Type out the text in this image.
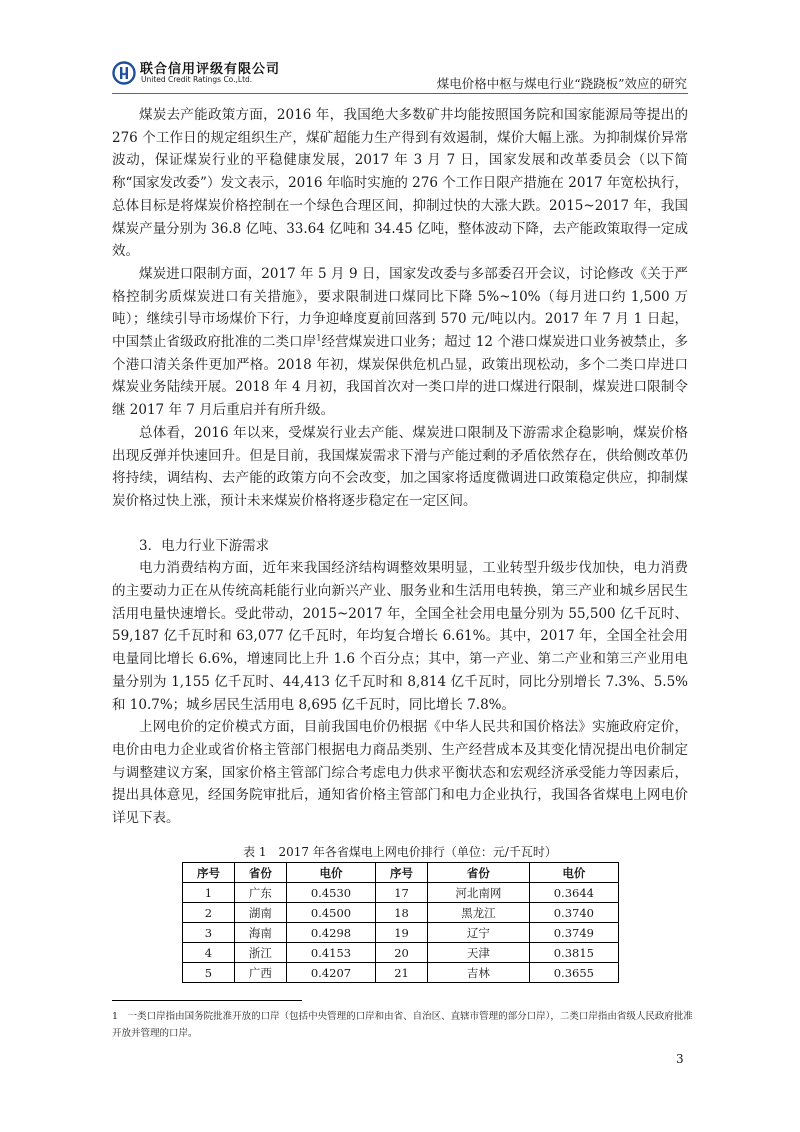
联合信用评级有限公司
United Credit Ratings Co.,Ltd.	煤电价格中枢与煤电行业“跷跷板”效应的研究

煤炭去产能政策方面，2016 年，我国绝大多数矿井均能按照国务院和国家能源局等提出的 276 个工作日的规定组织生产，煤矿超能力生产得到有效遏制，煤价大幅上涨。为抑制煤价异常波动，保证煤炭行业的平稳健康发展，2017 年 3 月 7 日，国家发展和改革委员会（以下简称“国家发改委”）发文表示，2016 年临时实施的 276 个工作日限产措施在 2017 年宽松执行，总体目标是将煤炭价格控制在一个绿色合理区间，抑制过快的大涨大跌。2015~2017 年，我国煤炭产量分别为 36.8 亿吨、33.64 亿吨和 34.45 亿吨，整体波动下降，去产能政策取得一定成效。

煤炭进口限制方面，2017 年 5 月 9 日，国家发改委与多部委召开会议，讨论修改《关于严格控制劣质煤炭进口有关措施》，要求限制进口煤同比下降 5%~10%（每月进口约 1,500 万吨）；继续引导市场煤价下行，力争迎峰度夏前回落到 570 元/吨以内。2017 年 7 月 1 日起，中国禁止省级政府批准的二类口岸$^1$经营煤炭进口业务；超过 12 个港口煤炭进口业务被禁止，多个港口清关条件更加严格。2018 年初，煤炭保供危机凸显，政策出现松动，多个二类口岸进口煤炭业务陆续开展。2018 年 4 月初，我国首次对一类口岸的进口煤进行限制，煤炭进口限制令继 2017 年 7 月后重启并有所升级。

总体看，2016 年以来，受煤炭行业去产能、煤炭进口限制及下游需求企稳影响，煤炭价格出现反弹并快速回升。但是目前，我国煤炭需求下滑与产能过剩的矛盾依然存在，供给侧改革仍将持续，调结构、去产能的政策方向不会改变，加之国家将适度微调进口政策稳定供应，抑制煤炭价格过快上涨，预计未来煤炭价格将逐步稳定在一定区间。

3．电力行业下游需求

电力消费结构方面，近年来我国经济结构调整效果明显，工业转型升级步伐加快，电力消费的主要动力正在从传统高耗能行业向新兴产业、服务业和生活用电转换，第三产业和城乡居民生活用电量快速增长。受此带动，2015~2017 年，全国全社会用电量分别为 55,500 亿千瓦时、59,187 亿千瓦时和 63,077 亿千瓦时，年均复合增长 6.61%。其中，2017 年，全国全社会用电量同比增长 6.6%，增速同比上升 1.6 个百分点；其中，第一产业、第二产业和第三产业用电量分别为 1,155 亿千瓦时、44,413 亿千瓦时和 8,814 亿千瓦时，同比分别增长 7.3%、5.5%和 10.7%；城乡居民生活用电 8,695 亿千瓦时，同比增长 7.8%。

上网电价的定价模式方面，目前我国电价仍根据《中华人民共和国价格法》实施政府定价，电价由电力企业或省价格主管部门根据电力商品类别、生产经营成本及其变化情况提出电价制定与调整建议方案，国家价格主管部门综合考虑电力供求平衡状态和宏观经济承受能力等因素后，提出具体意见，经国务院审批后，通知省价格主管部门和电力企业执行，我国各省煤电上网电价详见下表。

表 1　2017 年各省煤电上网电价排行（单位：元/千瓦时）
序号	省份	电价	序号	省份	电价
1	广东	0.4530	17	河北南网	0.3644
2	湖南	0.4500	18	黑龙江	0.3740
3	海南	0.4298	19	辽宁	0.3749
4	浙江	0.4153	20	天津	0.3815
5	广西	0.4207	21	吉林	0.3655
1　 一类口岸指由国务院批准开放的口岸（包括中央管理的口岸和由省、自治区、直辖市管理的部分口岸），二类口岸指由省级人民政府批准开放并管理的口岸。
3
